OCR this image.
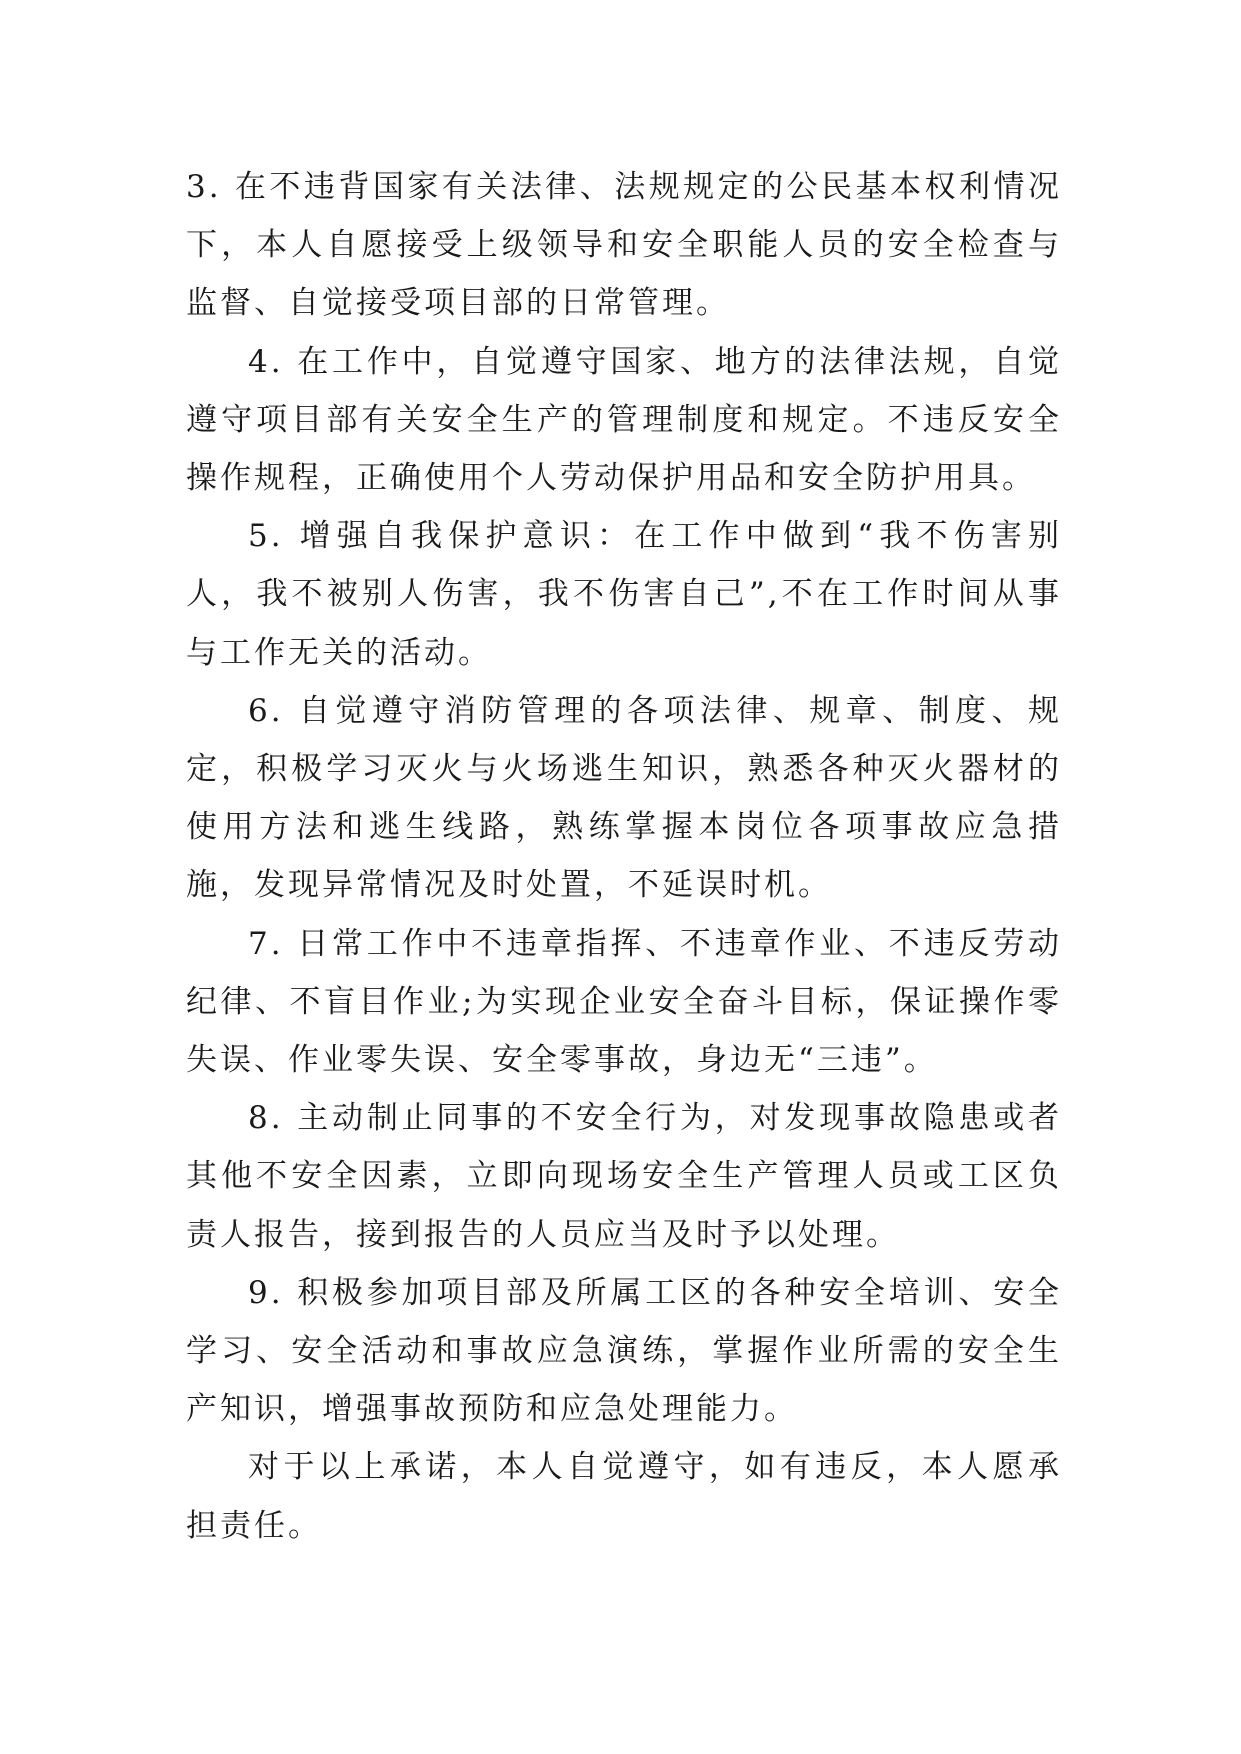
3. 在不违背国家有关法律、法规规定的公民基本权利情况下，本人自愿接受上级领导和安全职能人员的安全检查与监督、自觉接受项目部的日常管理。

4. 在工作中，自觉遵守国家、地方的法律法规，自觉遵守项目部有关安全生产的管理制度和规定。不违反安全操作规程，正确使用个人劳动保护用品和安全防护用具。

5. 增强自我保护意识：在工作中做到“我不伤害别人，我不被别人伤害，我不伤害自己”,不在工作时间从事与工作无关的活动。

6. 自觉遵守消防管理的各项法律、规章、制度、规定，积极学习灭火与火场逃生知识，熟悉各种灭火器材的使用方法和逃生线路，熟练掌握本岗位各项事故应急措施，发现异常情况及时处置，不延误时机。

7. 日常工作中不违章指挥、不违章作业、不违反劳动纪律、不盲目作业;为实现企业安全奋斗目标，保证操作零失误、作业零失误、安全零事故，身边无“三违”。

8. 主动制止同事的不安全行为，对发现事故隐患或者其他不安全因素，立即向现场安全生产管理人员或工区负责人报告，接到报告的人员应当及时予以处理。

9. 积极参加项目部及所属工区的各种安全培训、安全学习、安全活动和事故应急演练，掌握作业所需的安全生产知识，增强事故预防和应急处理能力。

对于以上承诺，本人自觉遵守，如有违反，本人愿承担责任。
